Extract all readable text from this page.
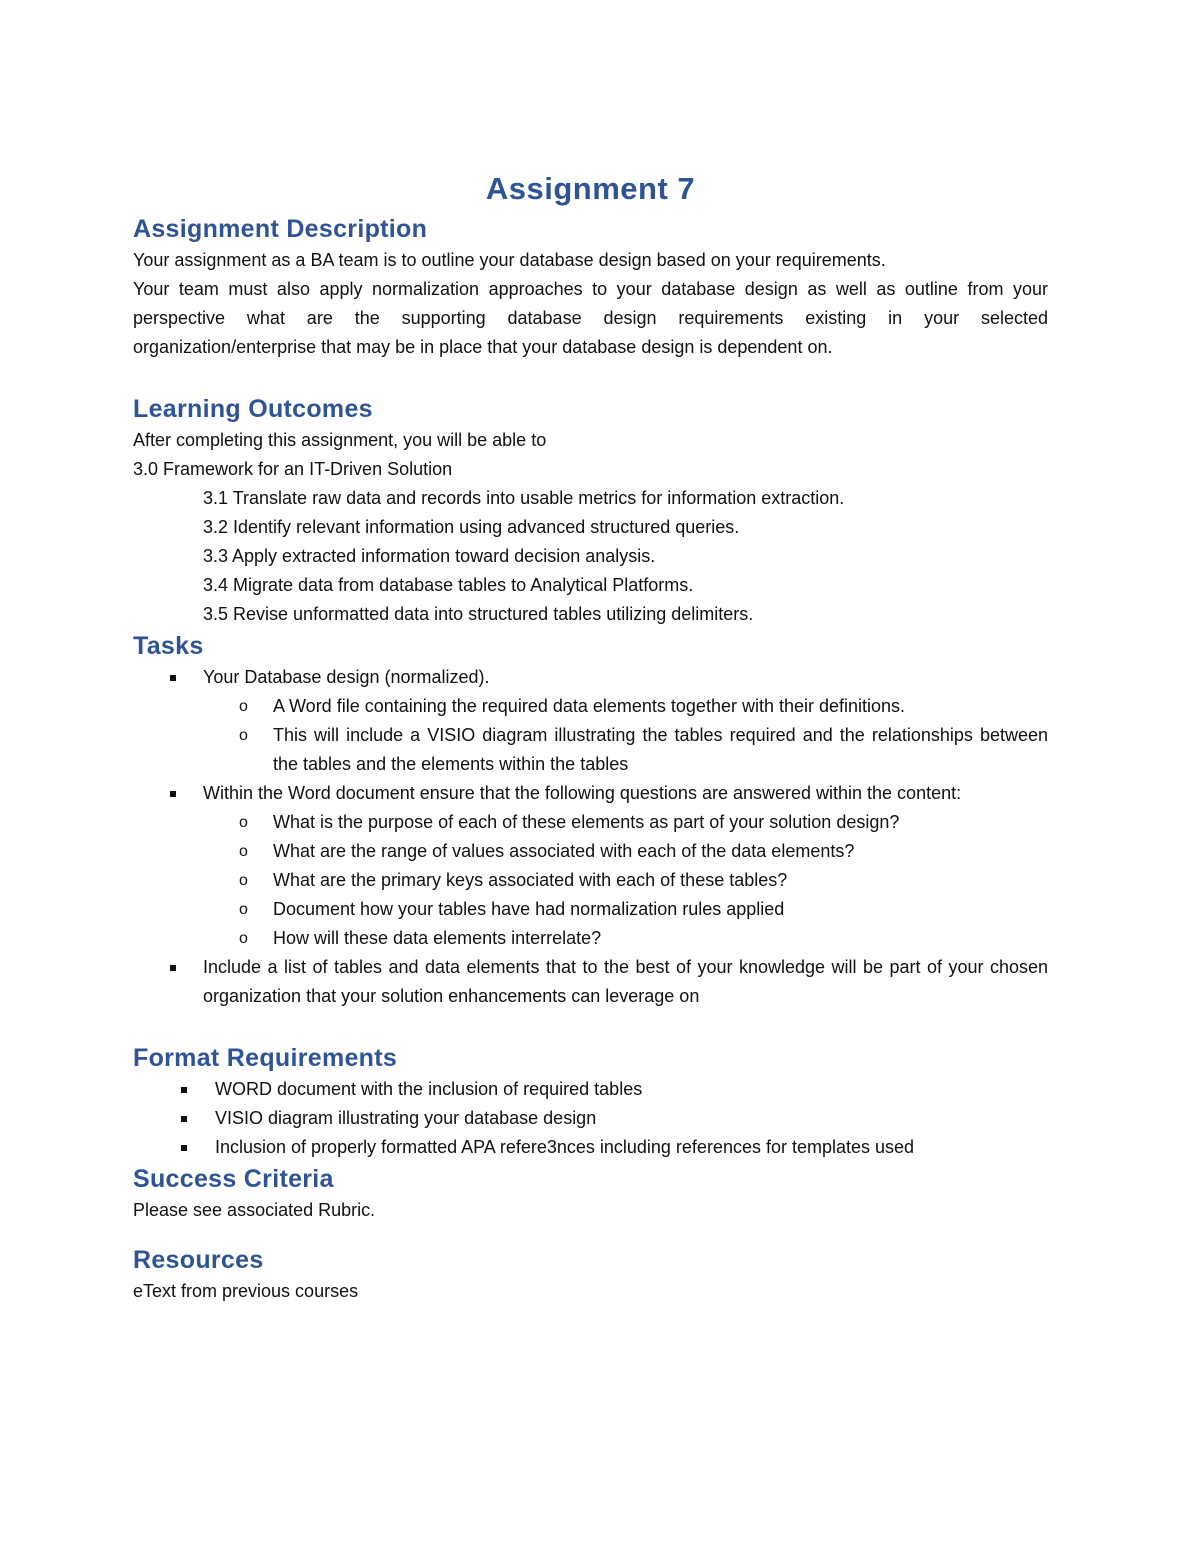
Assignment 7
Assignment Description

Your assignment as a BA team is to outline your database design based on your requirements.

Your team must also apply normalization approaches to your database design as well as outline from your perspective what are the supporting database design requirements existing in your selected organization/enterprise that may be in place that your database design is dependent on.

Learning Outcomes

After completing this assignment, you will be able to

3.0 Framework for an IT-Driven Solution

3.1 Translate raw data and records into usable metrics for information extraction.

3.2 Identify relevant information using advanced structured queries.

3.3 Apply extracted information toward decision analysis.

3.4 Migrate data from database tables to Analytical Platforms.

3.5 Revise unformatted data into structured tables utilizing delimiters.

Tasks
Your Database design (normalized).
o A Word file containing the required data elements together with their definitions.
o This will include a VISIO diagram illustrating the tables required and the relationships between the tables and the elements within the tables
Within the Word document ensure that the following questions are answered within the content:
o What is the purpose of each of these elements as part of your solution design?
o What are the range of values associated with each of the data elements?
o What are the primary keys associated with each of these tables?
o Document how your tables have had normalization rules applied
o How will these data elements interrelate?
Include a list of tables and data elements that to the best of your knowledge will be part of your chosen organization that your solution enhancements can leverage on
Format Requirements
WORD document with the inclusion of required tables
VISIO diagram illustrating your database design
Inclusion of properly formatted APA refere3nces including references for templates used
Success Criteria

Please see associated Rubric.

Resources

eText from previous courses
